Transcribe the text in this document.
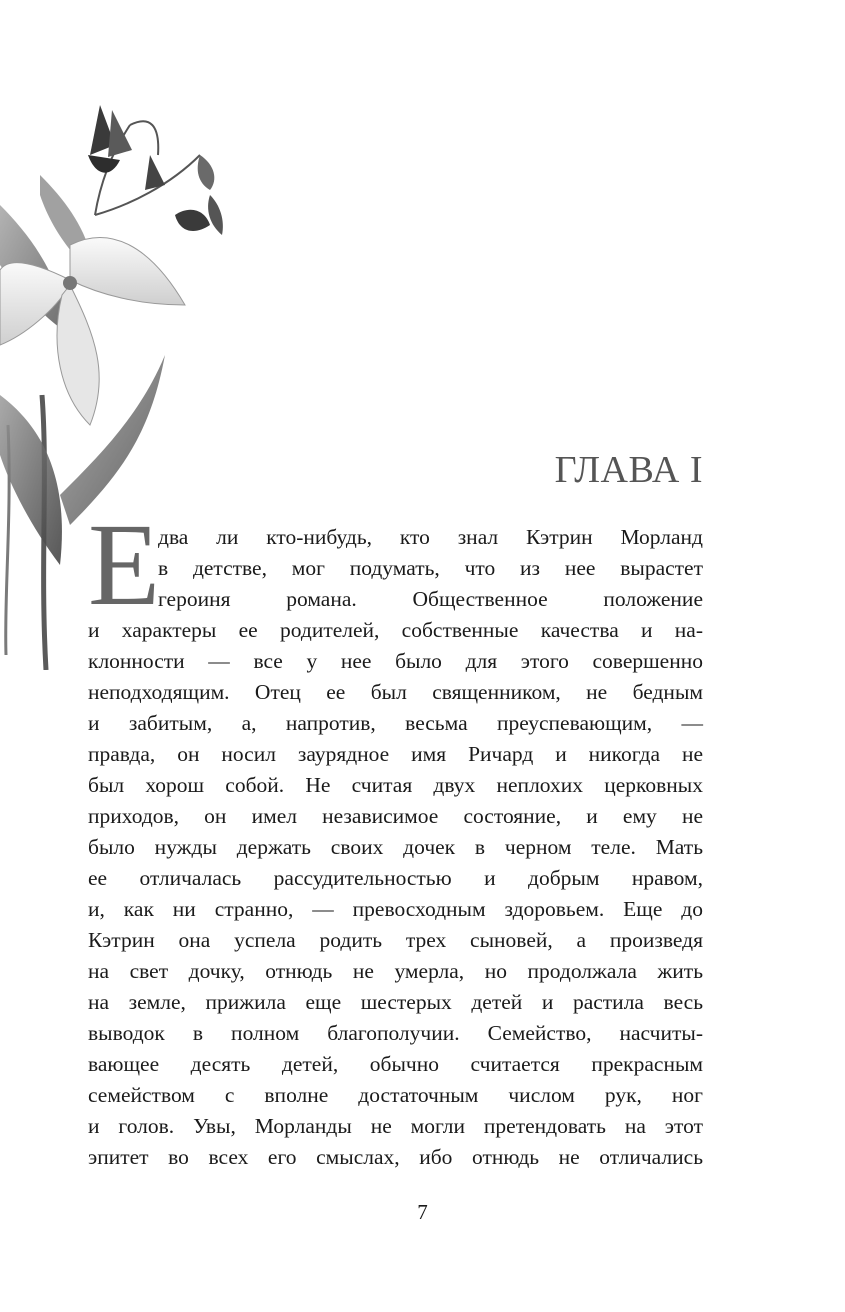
ГЛАВА I
Е
два ли кто-нибудь, кто знал Кэтрин Морланд
в детстве, мог подумать, что из нее вырастет
героиня романа. Общественное положение
и характеры ее родителей, собственные качества и на-
клонности — все у нее было для этого совершенно
неподходящим. Отец ее был священником, не бедным
и забитым, а, напротив, весьма преуспевающим, —
правда, он носил заурядное имя Ричард и никогда не
был хорош собой. Не считая двух неплохих церковных
приходов, он имел независимое состояние, и ему не
было нужды держать своих дочек в черном теле. Мать
ее отличалась рассудительностью и добрым нравом,
и, как ни странно, — превосходным здоровьем. Еще до
Кэтрин она успела родить трех сыновей, а произведя
на свет дочку, отнюдь не умерла, но продолжала жить
на земле, прижила еще шестерых детей и растила весь
выводок в полном благополучии. Семейство, насчиты-
вающее десять детей, обычно считается прекрасным
семейством с вполне достаточным числом рук, ног
и голов. Увы, Морланды не могли претендовать на этот
эпитет во всех его смыслах, ибо отнюдь не отличались
7
